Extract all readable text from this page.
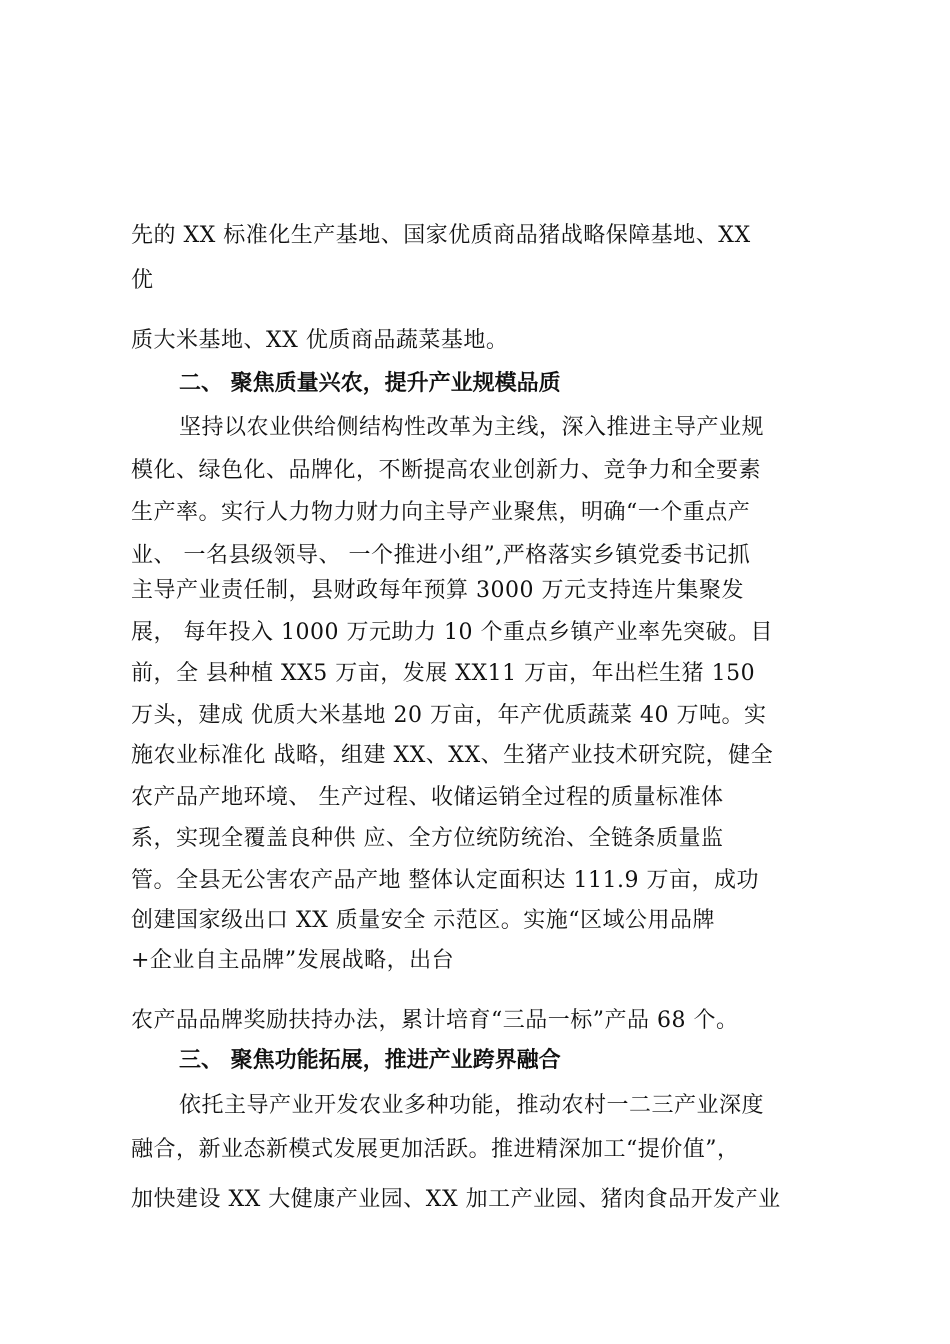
先的 XX 标准化生产基地、国家优质商品猪战略保障基地、XX

优

质大米基地、XX 优质商品蔬菜基地。

二、 聚焦质量兴农，提升产业规模品质

坚持以农业供给侧结构性改革为主线，深入推进主导产业规

模化、绿色化、品牌化，不断提高农业创新力、竞争力和全要素

生产率。实行人力物力财力向主导产业聚焦，明确“一个重点产

业、 一名县级领导、 一个推进小组”,严格落实乡镇党委书记抓

主导产业责任制，县财政每年预算 3000 万元支持连片集聚发

展， 每年投入 1000 万元助力 10 个重点乡镇产业率先突破。目

前，全 县种植 XX5 万亩，发展 XX11 万亩，年出栏生猪 150

万头，建成 优质大米基地 20 万亩，年产优质蔬菜 40 万吨。实

施农业标准化 战略，组建 XX、XX、生猪产业技术研究院，健全

农产品产地环境、 生产过程、收储运销全过程的质量标准体

系，实现全覆盖良种供 应、全方位统防统治、全链条质量监

管。全县无公害农产品产地 整体认定面积达 111.9 万亩，成功

创建国家级出口 XX 质量安全 示范区。实施“区域公用品牌

+企业自主品牌”发展战略，出台

农产品品牌奖励扶持办法，累计培育“三品一标”产品 68 个。

三、 聚焦功能拓展，推进产业跨界融合

依托主导产业开发农业多种功能，推动农村一二三产业深度

融合，新业态新模式发展更加活跃。推进精深加工“提价值”，

加快建设 XX 大健康产业园、XX 加工产业园、猪肉食品开发产业
